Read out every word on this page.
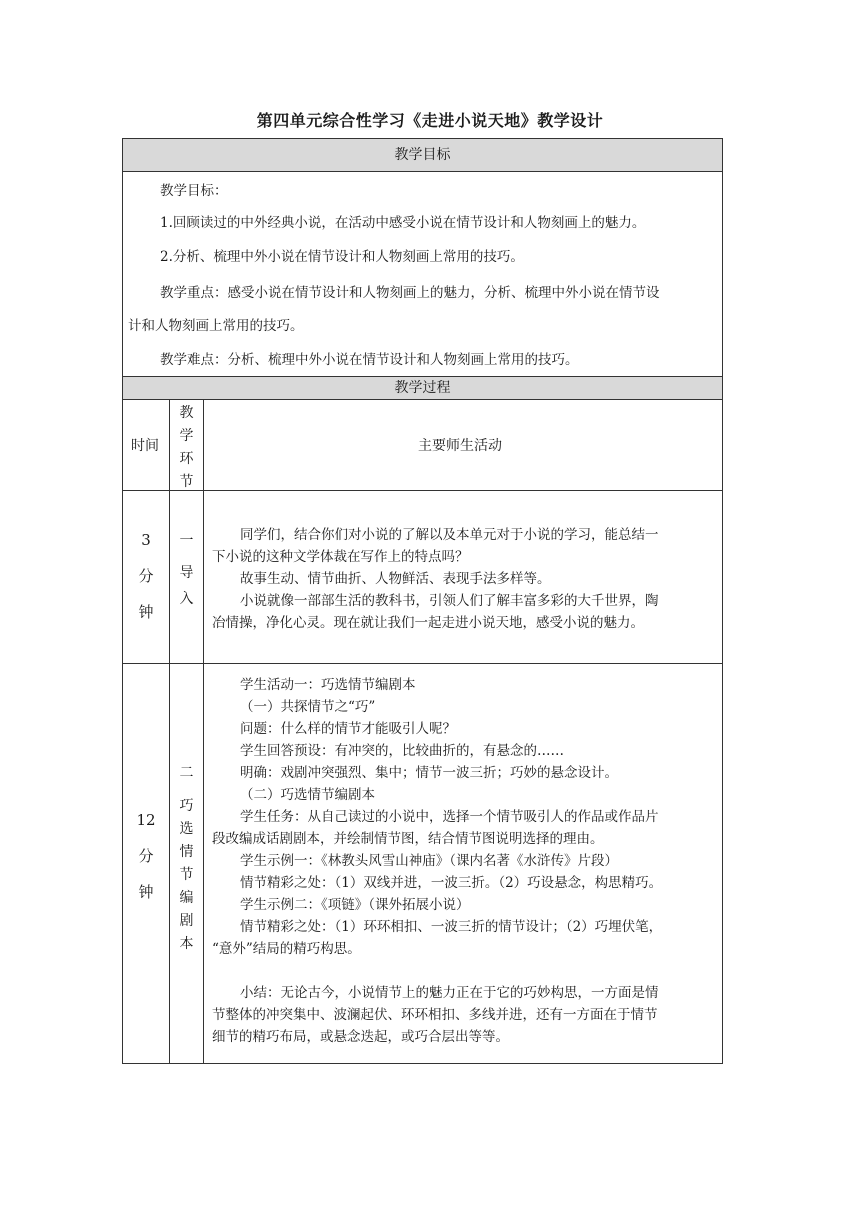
第四单元综合性学习《走进小说天地》教学设计
教学目标
教学目标：
1.回顾读过的中外经典小说，在活动中感受小说在情节设计和人物刻画上的魅力。
2.分析、梳理中外小说在情节设计和人物刻画上常用的技巧。
教学重点：感受小说在情节设计和人物刻画上的魅力，分析、梳理中外小说在情节设
计和人物刻画上常用的技巧。
教学难点：分析、梳理中外小说在情节设计和人物刻画上常用的技巧。
教学过程
时间
教
学
环
节
主要师生活动
3
分
钟
一
导
入
同学们，结合你们对小说的了解以及本单元对于小说的学习，能总结一
下小说的这种文学体裁在写作上的特点吗？
故事生动、情节曲折、人物鲜活、表现手法多样等。
小说就像一部部生活的教科书，引领人们了解丰富多彩的大千世界，陶
冶情操，净化心灵。现在就让我们一起走进小说天地，感受小说的魅力。
12
分
钟
二
巧
选
情
节
编
剧
本
学生活动一：巧选情节编剧本
（一）共探情节之“巧”
问题：什么样的情节才能吸引人呢？
学生回答预设：有冲突的，比较曲折的，有悬念的……
明确：戏剧冲突强烈、集中；情节一波三折；巧妙的悬念设计。
（二）巧选情节编剧本
学生任务：从自己读过的小说中，选择一个情节吸引人的作品或作品片
段改编成话剧剧本，并绘制情节图，结合情节图说明选择的理由。
学生示例一：《林教头风雪山神庙》（课内名著《水浒传》片段）
情节精彩之处：（1）双线并进，一波三折。（2）巧设悬念，构思精巧。
学生示例二：《项链》（课外拓展小说）
情节精彩之处：（1）环环相扣、一波三折的情节设计；（2）巧埋伏笔，
“意外”结局的精巧构思。
小结：无论古今，小说情节上的魅力正在于它的巧妙构思，一方面是情
节整体的冲突集中、波澜起伏、环环相扣、多线并进，还有一方面在于情节
细节的精巧布局，或悬念迭起，或巧合层出等等。
